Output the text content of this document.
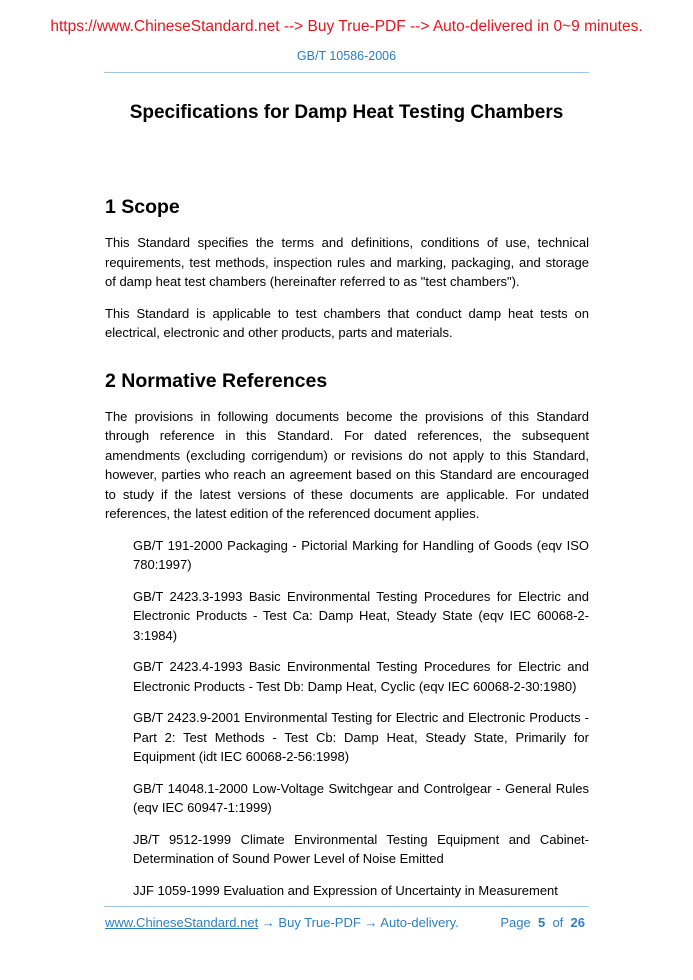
https://www.ChineseStandard.net --> Buy True-PDF --> Auto-delivered in 0~9 minutes.
GB/T 10586-2006
Specifications for Damp Heat Testing Chambers
1 Scope

This Standard specifies the terms and definitions, conditions of use, technical requirements, test methods, inspection rules and marking, packaging, and storage of damp heat test chambers (hereinafter referred to as "test chambers").

This Standard is applicable to test chambers that conduct damp heat tests on electrical, electronic and other products, parts and materials.

2 Normative References

The provisions in following documents become the provisions of this Standard through reference in this Standard. For dated references, the subsequent amendments (excluding corrigendum) or revisions do not apply to this Standard, however, parties who reach an agreement based on this Standard are encouraged to study if the latest versions of these documents are applicable. For undated references, the latest edition of the referenced document applies.

GB/T 191-2000 Packaging - Pictorial Marking for Handling of Goods (eqv ISO 780:1997)

GB/T 2423.3-1993 Basic Environmental Testing Procedures for Electric and Electronic Products - Test Ca: Damp Heat, Steady State (eqv IEC 60068-2-3:1984)

GB/T 2423.4-1993 Basic Environmental Testing Procedures for Electric and Electronic Products - Test Db: Damp Heat, Cyclic (eqv IEC 60068-2-30:1980)

GB/T 2423.9-2001 Environmental Testing for Electric and Electronic Products - Part 2: Test Methods - Test Cb: Damp Heat, Steady State, Primarily for Equipment (idt IEC 60068-2-56:1998)

GB/T 14048.1-2000 Low-Voltage Switchgear and Controlgear - General Rules (eqv IEC 60947-1:1999)

JB/T 9512-1999 Climate Environmental Testing Equipment and Cabinet-Determination of Sound Power Level of Noise Emitted

JJF 1059-1999 Evaluation and Expression of Uncertainty in Measurement

www.ChineseStandard.net → Buy True-PDF → Auto-delivery.	Page 5 of 26
